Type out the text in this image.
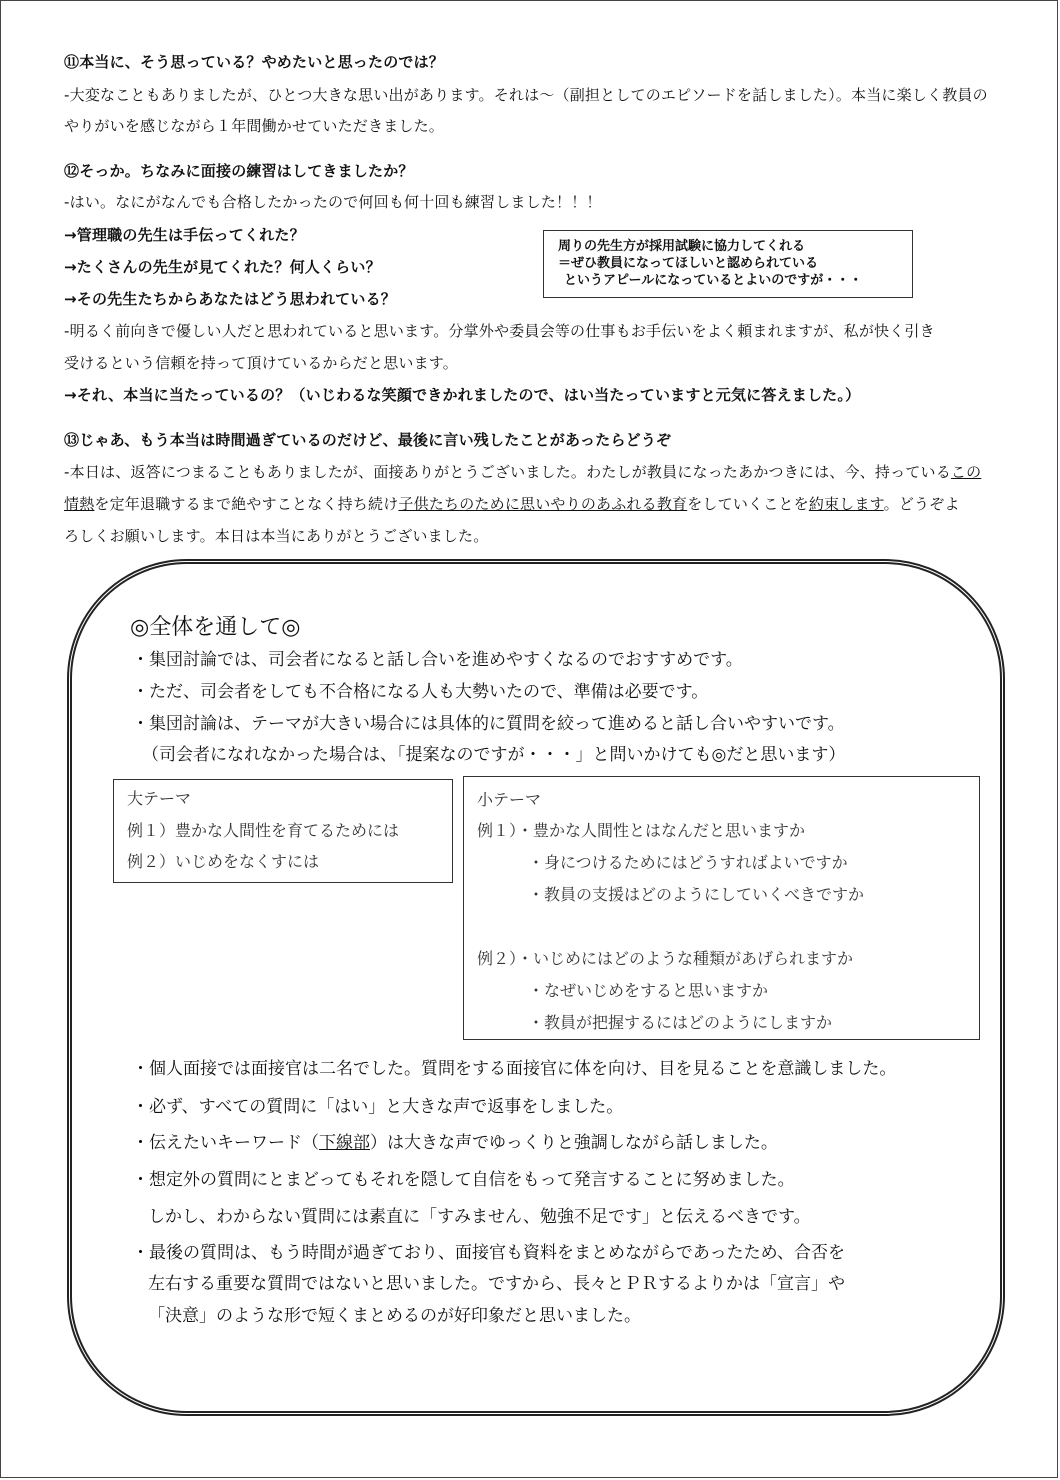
⑪本当に、そう思っている？やめたいと思ったのでは？
-大変なこともありましたが、ひとつ大きな思い出があります。それは～（副担としてのエピソードを話しました）。本当に楽しく教員の
やりがいを感じながら１年間働かせていただきました。
⑫そっか。ちなみに面接の練習はしてきましたか？
-はい。なにがなんでも合格したかったので何回も何十回も練習しました！！！
→管理職の先生は手伝ってくれた？
→たくさんの先生が見てくれた？何人くらい？
→その先生たちからあなたはどう思われている？
-明るく前向きで優しい人だと思われていると思います。分掌外や委員会等の仕事もお手伝いをよく頼まれますが、私が快く引き
受けるという信頼を持って頂けているからだと思います。
→それ、本当に当たっているの？（いじわるな笑顔できかれましたので、はい当たっていますと元気に答えました。）
周りの先生方が採用試験に協力してくれる
＝ぜひ教員になってほしいと認められている
というアピールになっているとよいのですが・・・
⑬じゃあ、もう本当は時間過ぎているのだけど、最後に言い残したことがあったらどうぞ
-本日は、返答につまることもありましたが、面接ありがとうございました。わたしが教員になったあかつきには、今、持っているこの
情熱を定年退職するまで絶やすことなく持ち続け子供たちのために思いやりのあふれる教育をしていくことを約束します。どうぞよ
ろしくお願いします。本日は本当にありがとうございました。
◎全体を通して◎
・集団討論では、司会者になると話し合いを進めやすくなるのでおすすめです。
・ただ、司会者をしても不合格になる人も大勢いたので、準備は必要です。
・集団討論は、テーマが大きい場合には具体的に質問を絞って進めると話し合いやすいです。
（司会者になれなかった場合は、「提案なのですが・・・」と問いかけても◎だと思います）
大テーマ
例１）豊かな人間性を育てるためには
例２）いじめをなくすには
小テーマ
例１）・豊かな人間性とはなんだと思いますか
・身につけるためにはどうすればよいですか
・教員の支援はどのようにしていくべきですか
例２）・いじめにはどのような種類があげられますか
・なぜいじめをすると思いますか
・教員が把握するにはどのようにしますか
・個人面接では面接官は二名でした。質問をする面接官に体を向け、目を見ることを意識しました。
・必ず、すべての質問に「はい」と大きな声で返事をしました。
・伝えたいキーワード（下線部）は大きな声でゆっくりと強調しながら話しました。
・想定外の質問にとまどってもそれを隠して自信をもって発言することに努めました。
しかし、わからない質問には素直に「すみません、勉強不足です」と伝えるべきです。
・最後の質問は、もう時間が過ぎており、面接官も資料をまとめながらであったため、合否を
左右する重要な質問ではないと思いました。ですから、長々とＰＲするよりかは「宣言」や
「決意」のような形で短くまとめるのが好印象だと思いました。
